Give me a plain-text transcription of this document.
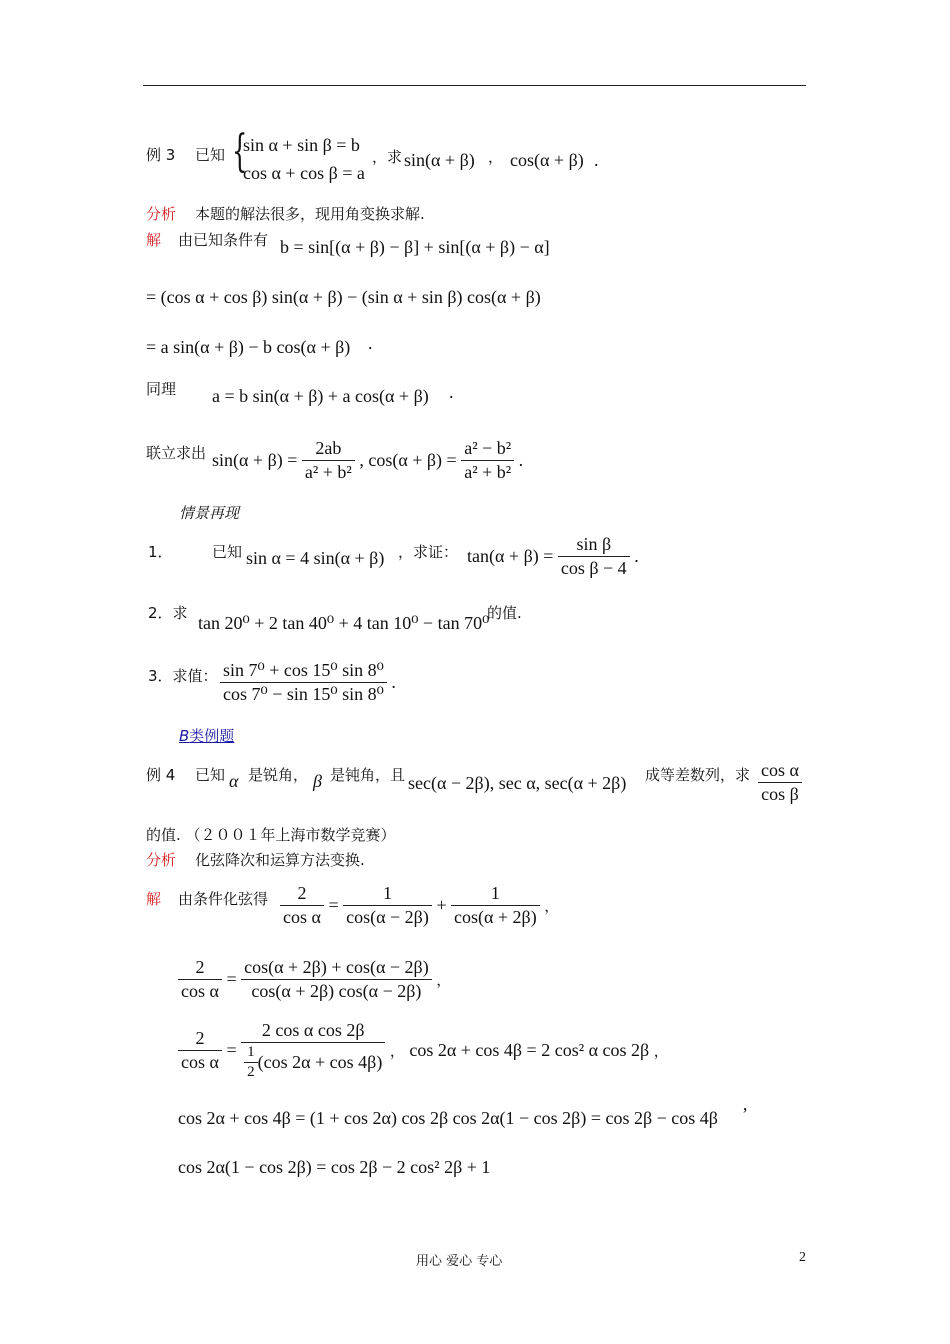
例 3 已知 {
sin α + sin β = b
cos α + cos β = a
，求 sin(α + β) ， cos(α + β) .
分析 本题的解法很多，现用角变换求解.
解 由已知条件有 b = sin[(α + β) − β] + sin[(α + β) − α]
= (cos α + cos β) sin(α + β) − (sin α + sin β) cos(α + β)
= a sin(α + β) − b cos(α + β) .
同理 a = b sin(α + β) + a cos(α + β) .
联立求出 $\sin(\alpha + \beta) = \frac{2ab}{\text{a² + b²}}$ , $\cos(\alpha + \beta) = \frac{\text{a² − b²}}{\text{a² + b²}}$ .
情景再现
1．	已知 sin α = 4 sin(α + β) ，求证： $\tan(\alpha + \beta) = \frac{\text{sin β}}{\text{cos β − 4}}$ .
2．求 tan 20⁰ + 2 tan 40⁰ + 4 tan 10⁰ − tan 70⁰
的值.
3．求值： $\frac{\text{sin 7⁰ + cos 15⁰ sin 8⁰}}{\text{cos 7⁰ − sin 15⁰ sin 8⁰}}$ .
B类例题
例 4 已知 α 是锐角， β 是钝角，且 sec(α − 2β), sec α, sec(α + 2β) 成等差数列，求 $\frac{\text{cos α}}{\text{cos β}}$
的值. （２００１年上海市数学竞赛）
分析 化弦降次和运算方法变换.
解 由条件化弦得 $\frac{2}{\text{cos α}} = \frac{1}{\cos(\alpha - 2\beta)} + \frac{1}{\cos(\alpha + 2\beta)}$ ，
$\frac{2}{\text{cos α}} = \frac{\cos(\alpha + 2\beta) + \cos(\alpha - 2\beta)}{\cos(\alpha + 2\beta) \cos(\alpha - 2\beta)}$ ，
$\frac{2}{\text{cos α}} = \frac{\text{2 cos α cos 2β}}{\frac{1}{2} (\cos 2\alpha + \cos 4\beta)}$ ， cos 2α + cos 4β = 2 cos² α cos 2β ，
cos 2α + cos 4β = (1 + cos 2α) cos 2β cos 2α(1 − cos 2β) = cos 2β − cos 4β ’
cos 2α(1 − cos 2β) = cos 2β − 2 cos² 2β + 1
用心 爱心 专心	2
